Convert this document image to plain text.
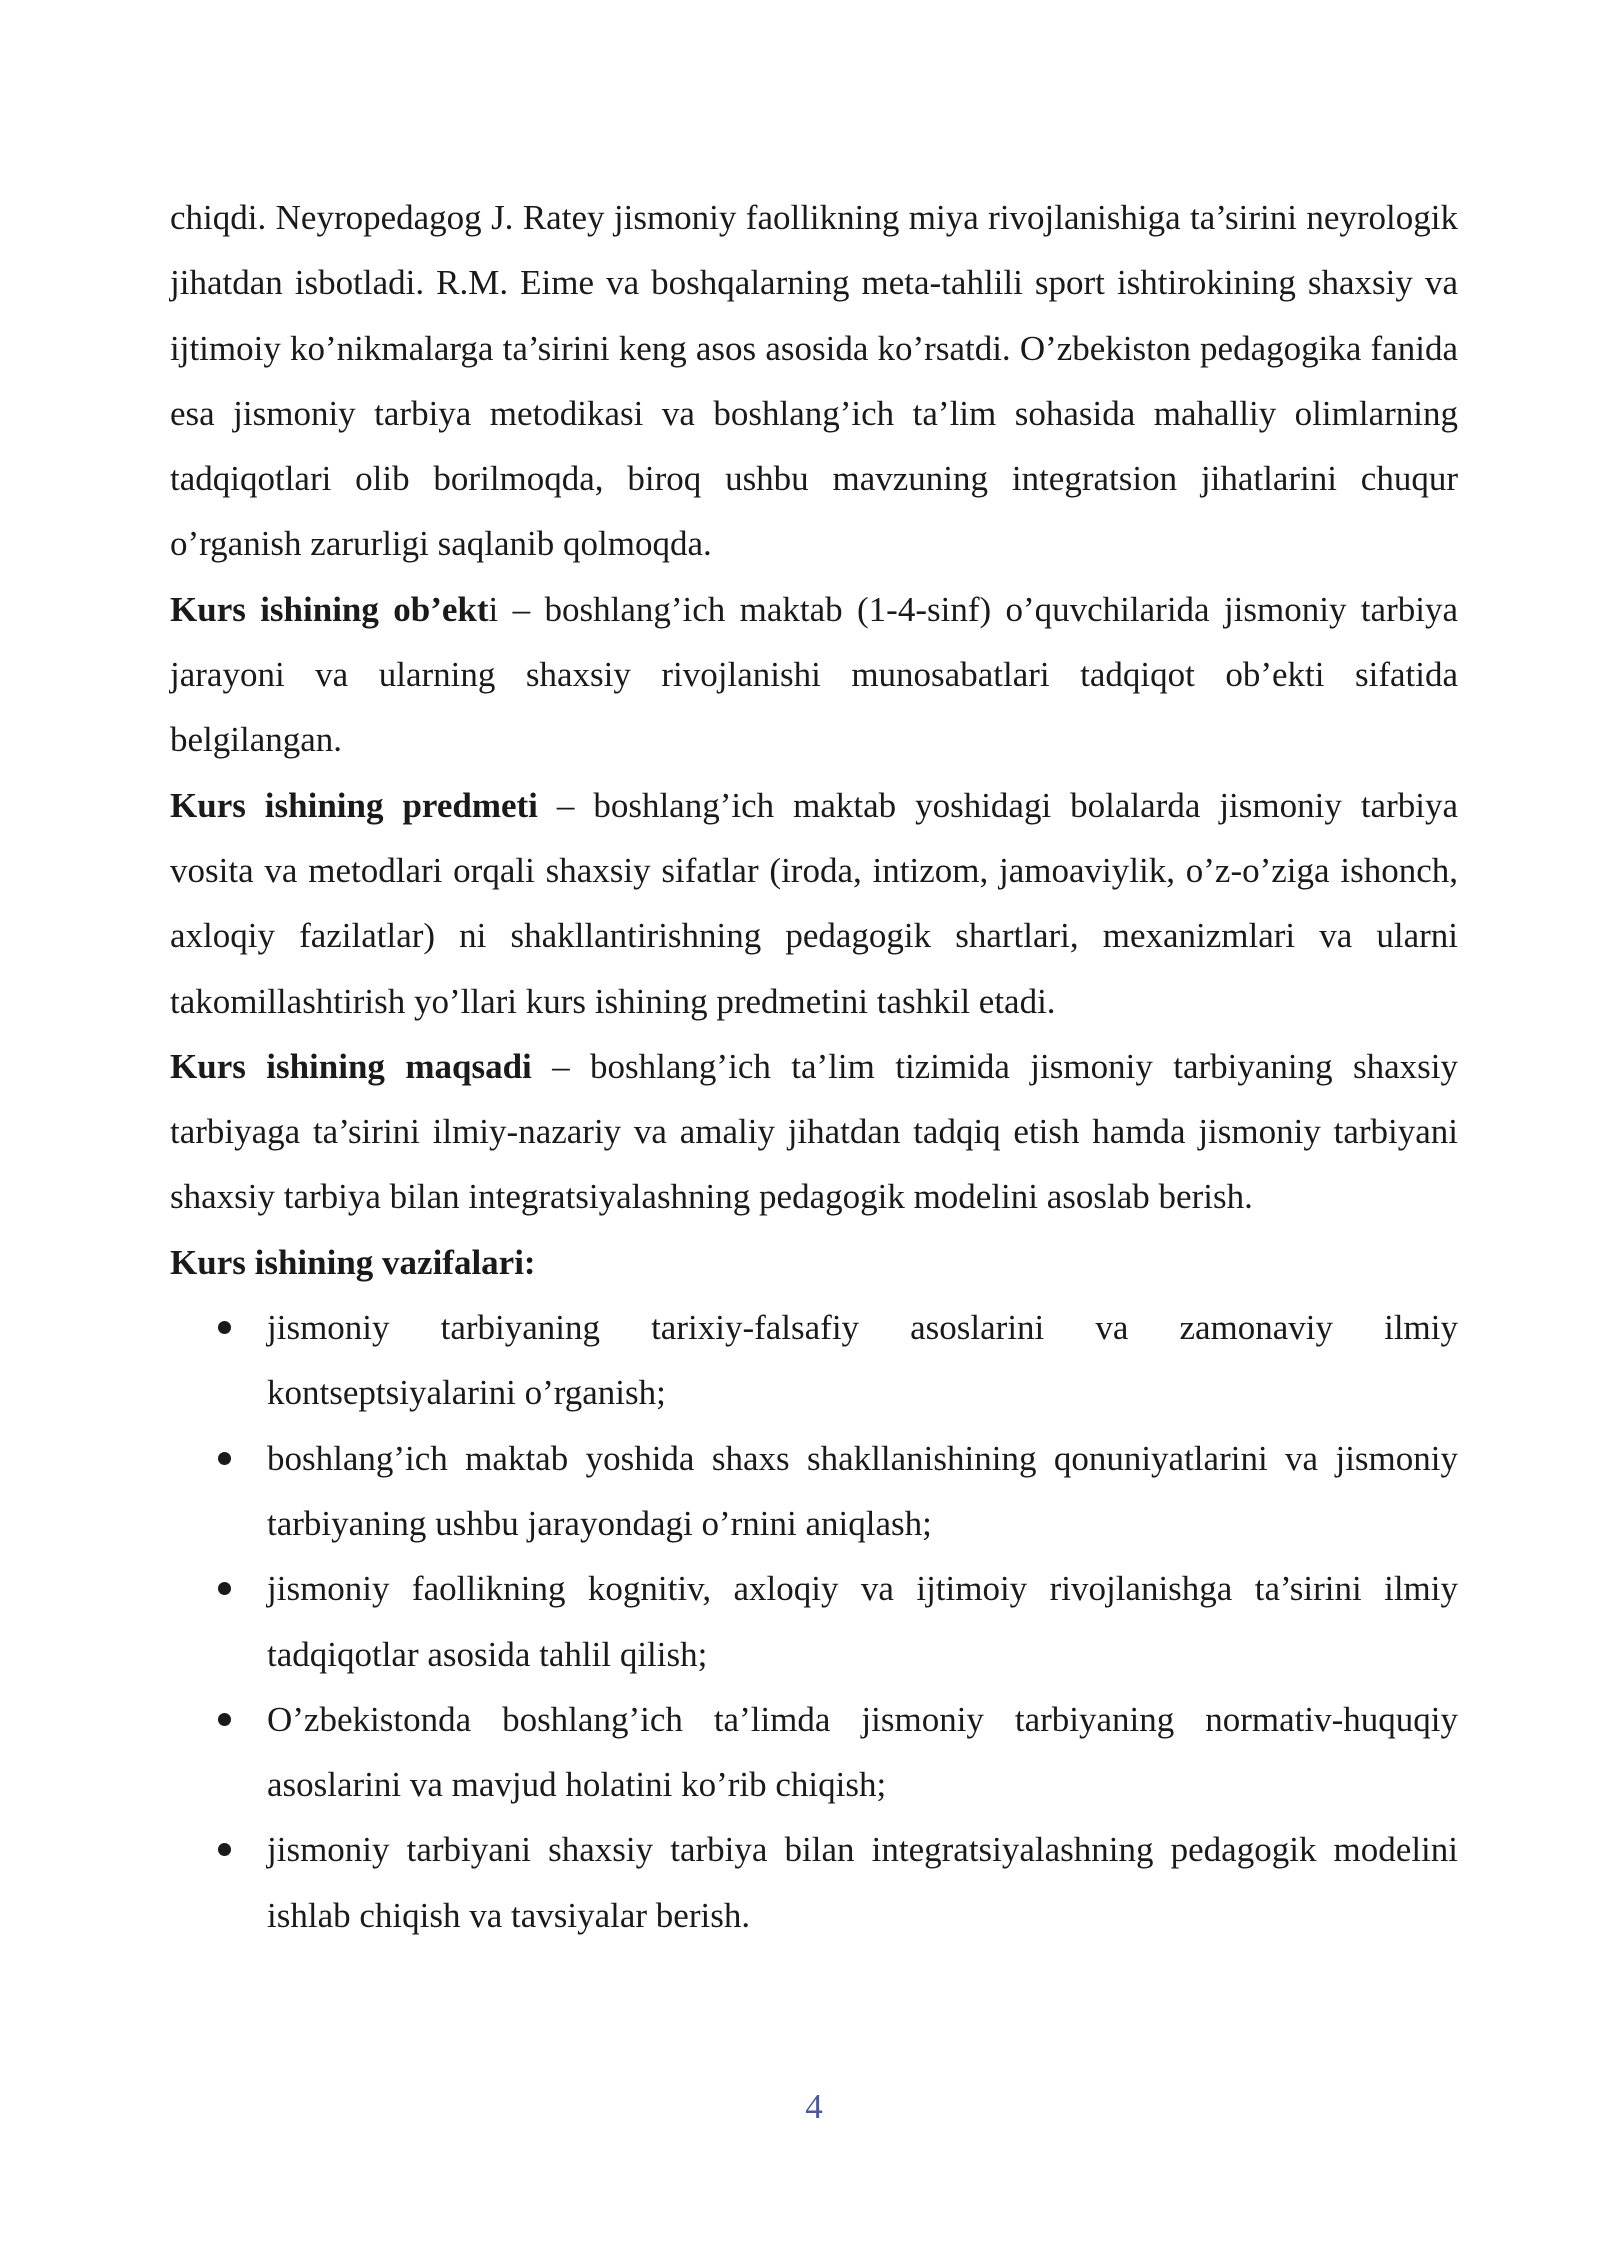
chiqdi. Neyropedagog J. Ratey jismoniy faollikning miya rivojlanishiga ta’sirini neyrologik jihatdan isbotladi. R.M. Eime va boshqalarning meta-tahlili sport ishtirokining shaxsiy va ijtimoiy ko’nikmalarga ta’sirini keng asos asosida ko’rsatdi. O’zbekiston pedagogika fanida esa jismoniy tarbiya metodikasi va boshlang’ich ta’lim sohasida mahalliy olimlarning tadqiqotlari olib borilmoqda, biroq ushbu mavzuning integratsion jihatlarini chuqur o’rganish zarurligi saqlanib qolmoqda.

Kurs ishining ob’ekti – boshlang’ich maktab (1-4-sinf) o’quvchilarida jismoniy tarbiya jarayoni va ularning shaxsiy rivojlanishi munosabatlari tadqiqot ob’ekti sifatida belgilangan.

Kurs ishining predmeti – boshlang’ich maktab yoshidagi bolalarda jismoniy tarbiya vosita va metodlari orqali shaxsiy sifatlar (iroda, intizom, jamoaviylik, o’z-o’ziga ishonch, axloqiy fazilatlar) ni shakllantirishning pedagogik shartlari, mexanizmlari va ularni takomillashtirish yo’llari kurs ishining predmetini tashkil etadi.

Kurs ishining maqsadi – boshlang’ich ta’lim tizimida jismoniy tarbiyaning shaxsiy tarbiyaga ta’sirini ilmiy-nazariy va amaliy jihatdan tadqiq etish hamda jismoniy tarbiyani shaxsiy tarbiya bilan integratsiyalashning pedagogik modelini asoslab berish.

Kurs ishining vazifalari:

jismoniy tarbiyaning tarixiy-falsafiy asoslarini va zamonaviy ilmiy kontseptsiyalarini o’rganish;
boshlang’ich maktab yoshida shaxs shakllanishining qonuniyatlarini va jismoniy tarbiyaning ushbu jarayondagi o’rnini aniqlash;
jismoniy faollikning kognitiv, axloqiy va ijtimoiy rivojlanishga ta’sirini ilmiy tadqiqotlar asosida tahlil qilish;
O’zbekistonda boshlang’ich ta’limda jismoniy tarbiyaning normativ-huquqiy asoslarini va mavjud holatini ko’rib chiqish;
jismoniy tarbiyani shaxsiy tarbiya bilan integratsiyalashning pedagogik modelini ishlab chiqish va tavsiyalar berish.
4
